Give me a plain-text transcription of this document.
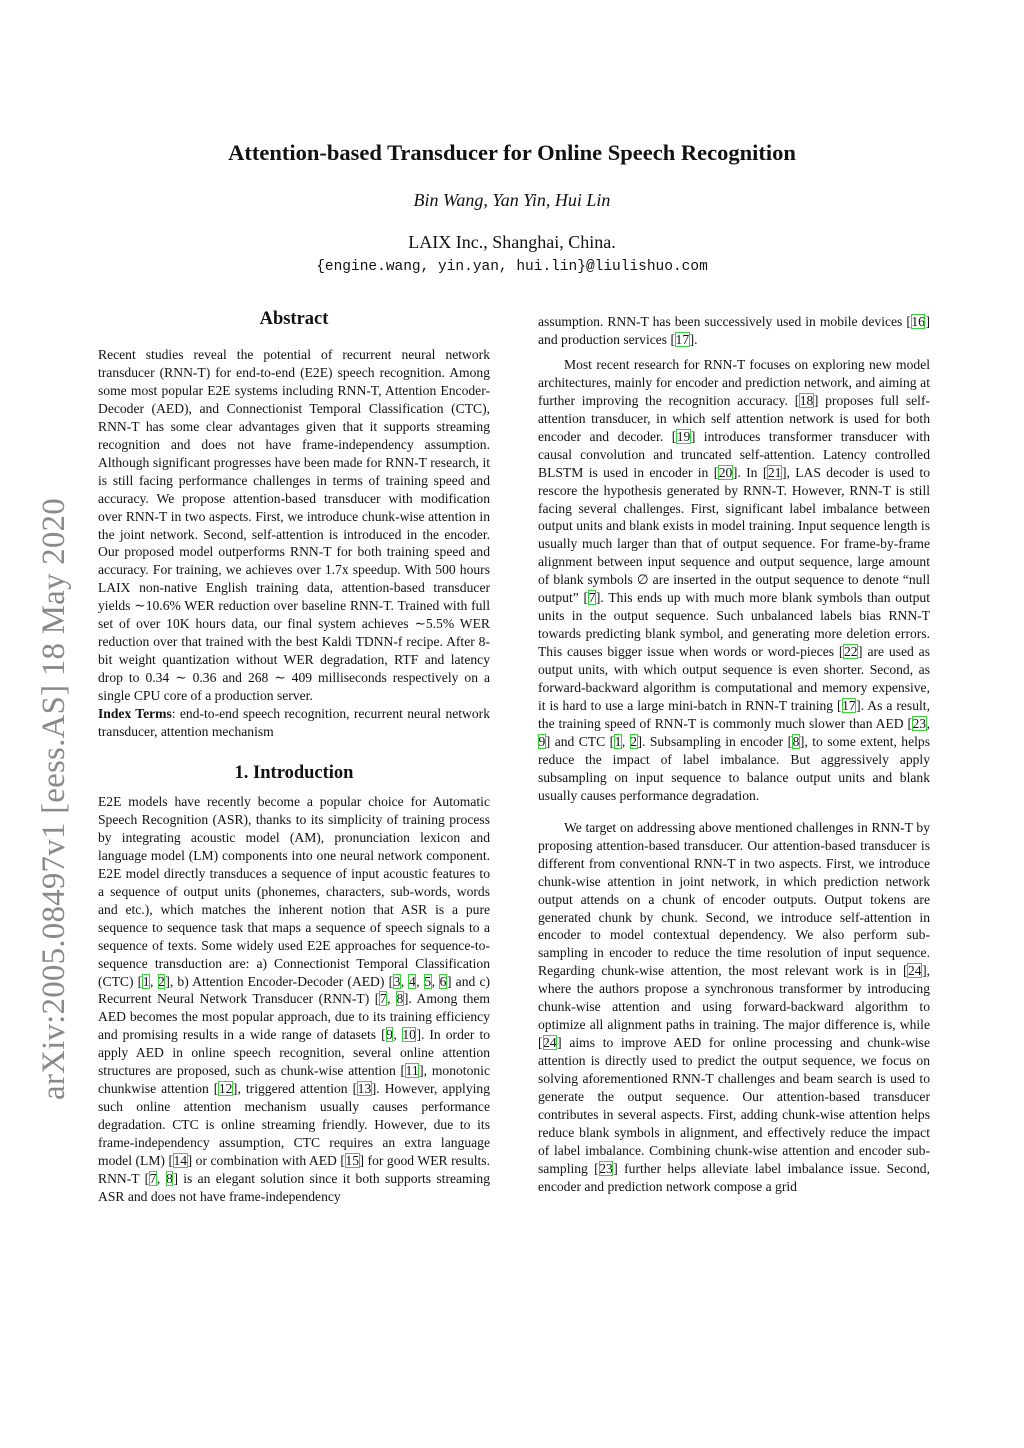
arXiv:2005.08497v1 [eess.AS] 18 May 2020
Attention-based Transducer for Online Speech Recognition
Bin Wang, Yan Yin, Hui Lin
LAIX Inc., Shanghai, China.
{engine.wang, yin.yan, hui.lin}@liulishuo.com
Abstract

Recent studies reveal the potential of recurrent neural network transducer (RNN-T) for end-to-end (E2E) speech recognition. Among some most popular E2E systems including RNN-T, Attention Encoder-Decoder (AED), and Connectionist Temporal Classification (CTC), RNN-T has some clear advantages given that it supports streaming recognition and does not have frame-independency assumption. Although significant progresses have been made for RNN-T research, it is still facing performance challenges in terms of training speed and accuracy. We propose attention-based transducer with modification over RNN-T in two aspects. First, we introduce chunk-wise attention in the joint network. Second, self-attention is introduced in the encoder. Our proposed model outperforms RNN-T for both training speed and accuracy. For training, we achieves over 1.7x speedup. With 500 hours LAIX non-native English training data, attention-based transducer yields ∼10.6% WER reduction over baseline RNN-T. Trained with full set of over 10K hours data, our final system achieves ∼5.5% WER reduction over that trained with the best Kaldi TDNN-f recipe. After 8-bit weight quantization without WER degradation, RTF and latency drop to 0.34 ∼ 0.36 and 268 ∼ 409 milliseconds respectively on a single CPU core of a production server.

Index Terms: end-to-end speech recognition, recurrent neural network transducer, attention mechanism

1. Introduction

E2E models have recently become a popular choice for Automatic Speech Recognition (ASR), thanks to its simplicity of training process by integrating acoustic model (AM), pronunciation lexicon and language model (LM) components into one neural network component. E2E model directly transduces a sequence of input acoustic features to a sequence of output units (phonemes, characters, sub-words, words and etc.), which matches the inherent notion that ASR is a pure sequence to sequence task that maps a sequence of speech signals to a sequence of texts. Some widely used E2E approaches for sequence-to-sequence transduction are: a) Connectionist Temporal Classification (CTC) [1, 2], b) Attention Encoder-Decoder (AED) [3, 4, 5, 6] and c) Recurrent Neural Network Transducer (RNN-T) [7, 8]. Among them AED becomes the most popular approach, due to its training efficiency and promising results in a wide range of datasets [9, 10]. In order to apply AED in online speech recognition, several online attention structures are proposed, such as chunk-wise attention [11], monotonic chunkwise attention [12], triggered attention [13]. However, applying such online attention mechanism usually causes performance degradation. CTC is online streaming friendly. However, due to its frame-independency assumption, CTC requires an extra language model (LM) [14] or combination with AED [15] for good WER results. RNN-T [7, 8] is an elegant solution since it both supports streaming ASR and does not have frame-independency

assumption. RNN-T has been successively used in mobile devices [16] and production services [17].

Most recent research for RNN-T focuses on exploring new model architectures, mainly for encoder and prediction network, and aiming at further improving the recognition accuracy. [18] proposes full self-attention transducer, in which self attention network is used for both encoder and decoder. [19] introduces transformer transducer with causal convolution and truncated self-attention. Latency controlled BLSTM is used in encoder in [20]. In [21], LAS decoder is used to rescore the hypothesis generated by RNN-T. However, RNN-T is still facing several challenges. First, significant label imbalance between output units and blank exists in model training. Input sequence length is usually much larger than that of output sequence. For frame-by-frame alignment between input sequence and output sequence, large amount of blank symbols ∅ are inserted in the output sequence to denote “null output” [7]. This ends up with much more blank symbols than output units in the output sequence. Such unbalanced labels bias RNN-T towards predicting blank symbol, and generating more deletion errors. This causes bigger issue when words or word-pieces [22] are used as output units, with which output sequence is even shorter. Second, as forward-backward algorithm is computational and memory expensive, it is hard to use a large mini-batch in RNN-T training [17]. As a result, the training speed of RNN-T is commonly much slower than AED [23, 9] and CTC [1, 2]. Subsampling in encoder [8], to some extent, helps reduce the impact of label imbalance. But aggressively apply subsampling on input sequence to balance output units and blank usually causes performance degradation.

We target on addressing above mentioned challenges in RNN-T by proposing attention-based transducer. Our attention-based transducer is different from conventional RNN-T in two aspects. First, we introduce chunk-wise attention in joint network, in which prediction network output attends on a chunk of encoder outputs. Output tokens are generated chunk by chunk. Second, we introduce self-attention in encoder to model contextual dependency. We also perform sub-sampling in encoder to reduce the time resolution of input sequence. Regarding chunk-wise attention, the most relevant work is in [24], where the authors propose a synchronous transformer by introducing chunk-wise attention and using forward-backward algorithm to optimize all alignment paths in training. The major difference is, while [24] aims to improve AED for online processing and chunk-wise attention is directly used to predict the output sequence, we focus on solving aforementioned RNN-T challenges and beam search is used to generate the output sequence. Our attention-based transducer contributes in several aspects. First, adding chunk-wise attention helps reduce blank symbols in alignment, and effectively reduce the impact of label imbalance. Combining chunk-wise attention and encoder sub-sampling [23] further helps alleviate label imbalance issue. Second, encoder and prediction network compose a grid
